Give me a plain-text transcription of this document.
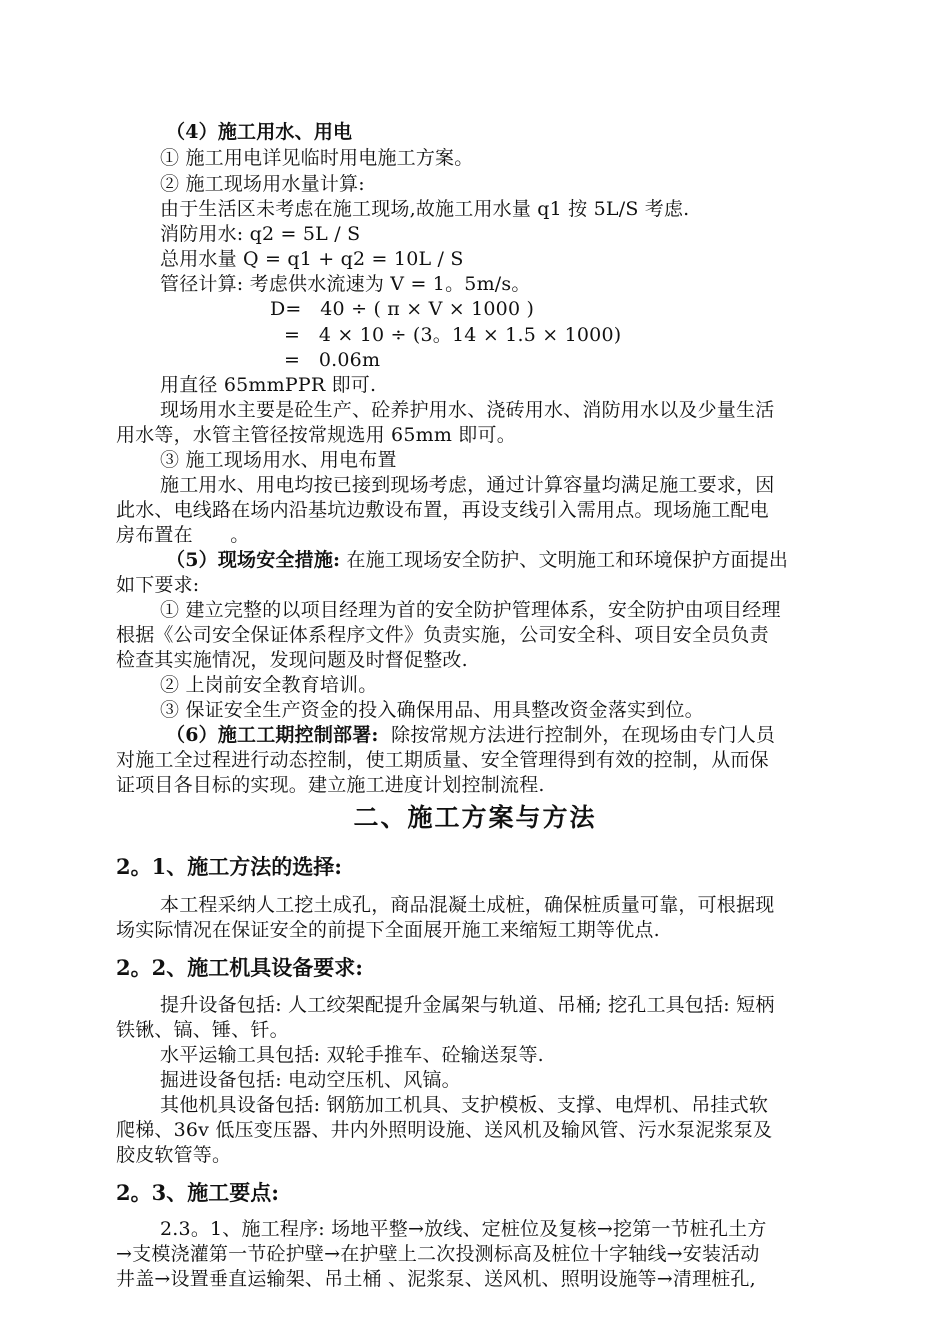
（4）施工用水、用电
① 施工用电详见临时用电施工方案。
② 施工现场用水量计算:
由于生活区未考虑在施工现场,故施工用水量 q1 按 5L/S 考虑.
消防用水: q2 = 5L / S
总用水量 Q = q1 + q2 = 10L / S
管径计算: 考虑供水流速为 V = 1。5m/s。
D=   40 ÷ ( π × V × 1000 )
=   4 × 10 ÷ (3。14 × 1.5 × 1000)
=   0.06m
用直径 65mmPPR 即可.
现场用水主要是砼生产、砼养护用水、浇砖用水、消防用水以及少量生活
用水等，水管主管径按常规选用 65mm 即可。
③ 施工现场用水、用电布置
施工用水、用电均按已接到现场考虑，通过计算容量均满足施工要求，因
此水、电线路在场内沿基坑边敷设布置，再设支线引入需用点。现场施工配电
房布置在      。
（5）现场安全措施: 在施工现场安全防护、文明施工和环境保护方面提出
如下要求:
① 建立完整的以项目经理为首的安全防护管理体系，安全防护由项目经理
根据《公司安全保证体系程序文件》负责实施，公司安全科、项目安全员负责
检查其实施情况，发现问题及时督促整改.
② 上岗前安全教育培训。
③ 保证安全生产资金的投入确保用品、用具整改资金落实到位。
（6）施工工期控制部署:  除按常规方法进行控制外，在现场由专门人员
对施工全过程进行动态控制，使工期质量、安全管理得到有效的控制，从而保
证项目各目标的实现。建立施工进度计划控制流程.
二、施工方案与方法
2。1、施工方法的选择:
本工程采纳人工挖土成孔，商品混凝土成桩，确保桩质量可靠，可根据现
场实际情况在保证安全的前提下全面展开施工来缩短工期等优点.
2。2、施工机具设备要求:
提升设备包括: 人工绞架配提升金属架与轨道、吊桶; 挖孔工具包括: 短柄
铁锹、镐、锤、钎。
水平运输工具包括: 双轮手推车、砼输送泵等.
掘进设备包括: 电动空压机、风镐。
其他机具设备包括: 钢筋加工机具、支护模板、支撑、电焊机、吊挂式软
爬梯、36v 低压变压器、井内外照明设施、送风机及输风管、污水泵泥浆泵及
胶皮软管等。
2。3、施工要点:
2.3。1、施工程序: 场地平整→放线、定桩位及复核→挖第一节桩孔土方
→支模浇灌第一节砼护壁→在护壁上二次投测标高及桩位十字轴线→安装活动
井盖→设置垂直运输架、吊土桶 、泥浆泵、送风机、照明设施等→清理桩孔,
